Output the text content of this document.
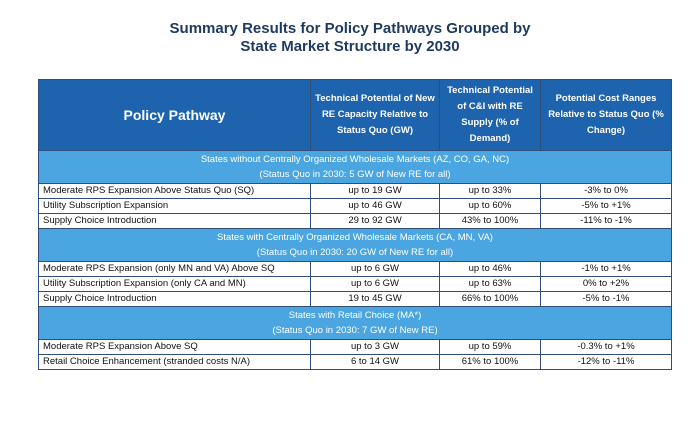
Summary Results for Policy Pathways Grouped by
State Market Structure by 2030
Policy Pathway	Technical Potential of New RE Capacity Relative to Status Quo (GW)	Technical Potential of C&I with RE Supply (% of Demand)	Potential Cost Ranges Relative to Status Quo (% Change)

States without Centrally Organized Wholesale Markets (AZ, CO, GA, NC)
(Status Quo in 2030: 5 GW of New RE for all)			

Moderate RPS Expansion Above Status Quo (SQ)	up to 19 GW	up to 33%	-3% to 0%
Utility Subscription Expansion	up to 46 GW	up to 60%	-5% to +1%
Supply Choice Introduction	29 to 92 GW	43% to 100%	-11% to -1%

States with Centrally Organized Wholesale Markets (CA, MN, VA)
(Status Quo in 2030: 20 GW of New RE for all)			

Moderate RPS Expansion (only MN and VA) Above SQ	up to 6 GW	up to 46%	-1% to +1%
Utility Subscription Expansion (only CA and MN)	up to 6 GW	up to 63%	0% to +2%
Supply Choice Introduction	19 to 45 GW	66% to 100%	-5% to -1%

States with Retail Choice (MA*)
(Status Quo in 2030: 7 GW of New RE)			

Moderate RPS Expansion Above SQ	up to 3 GW	up to 59%	-0.3% to +1%
Retail Choice Enhancement (stranded costs N/A)	6 to 14 GW	61% to 100%	-12% to -11%
